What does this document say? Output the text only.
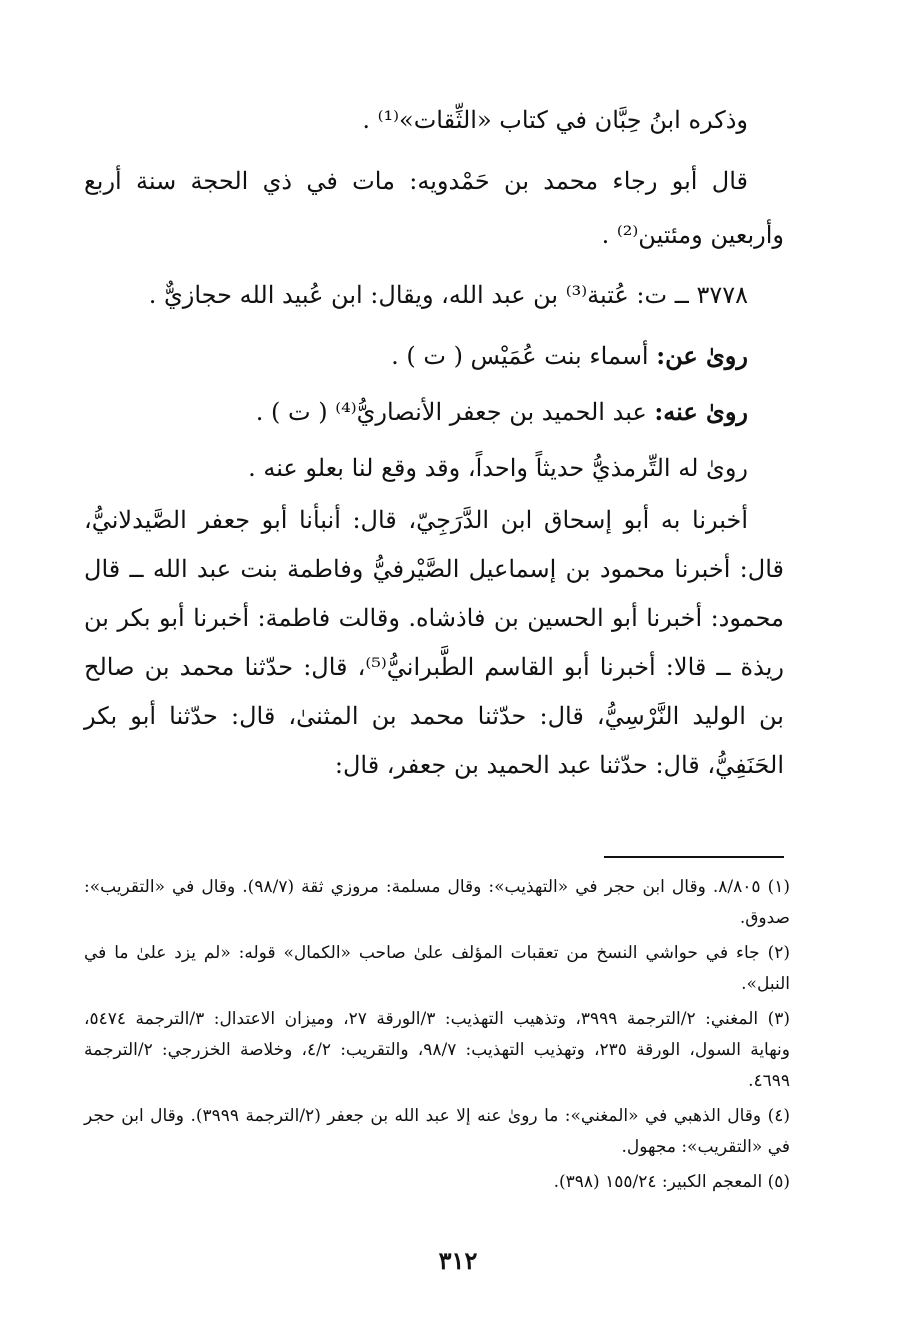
وذكره ابنُ حِبَّان في كتاب «الثِّقات»⁽¹⁾ .

قال أبو رجاء محمد بن حَمْدويه: مات في ذي الحجة سنة أربع وأربعين ومئتين⁽²⁾ .

٣٧٧٨ ــ ت: عُتبة⁽³⁾ بن عبد الله، ويقال: ابن عُبيد الله حجازيٌّ .

روىٰ عن: أسماء بنت عُمَيْس ( ت ) .

روىٰ عنه: عبد الحميد بن جعفر الأنصاريُّ⁽⁴⁾ ( ت ) .

روىٰ له التِّرمذيُّ حديثاً واحداً، وقد وقع لنا بعلو عنه .

أخبرنا به أبو إسحاق ابن الدَّرَجِيّ، قال: أنبأنا أبو جعفر الصَّيدلانيُّ، قال: أخبرنا محمود بن إسماعيل الصَّيْرفيُّ وفاطمة بنت عبد الله ــ قال محمود: أخبرنا أبو الحسين بن فاذشاه. وقالت فاطمة: أخبرنا أبو بكر بن ريذة ــ قالا: أخبرنا أبو القاسم الطَّبرانيُّ⁽⁵⁾، قال: حدّثنا محمد بن صالح بن الوليد النَّرْسِيُّ، قال: حدّثنا محمد بن المثنىٰ، قال: حدّثنا أبو بكر الحَنَفِيُّ، قال: حدّثنا عبد الحميد بن جعفر، قال:

(١) ٨/٨٠٥. وقال ابن حجر في «التهذيب»: وقال مسلمة: مروزي ثقة (٩٨/٧). وقال في «التقريب»: صدوق.

(٢) جاء في حواشي النسخ من تعقبات المؤلف علىٰ صاحب «الكمال» قوله: «لم يزد علىٰ ما في النبل».

(٣) المغني: ٢/الترجمة ٣٩٩٩، وتذهيب التهذيب: ٣/الورقة ٢٧، وميزان الاعتدال: ٣/الترجمة ٥٤٧٤، ونهاية السول، الورقة ٢٣٥، وتهذيب التهذيب: ٩٨/٧، والتقريب: ٤/٢، وخلاصة الخزرجي: ٢/الترجمة ٤٦٩٩.

(٤) وقال الذهبي في «المغني»: ما روىٰ عنه إلا عبد الله بن جعفر (٢/الترجمة ٣٩٩٩). وقال ابن حجر في «التقريب»: مجهول.

(٥) المعجم الكبير: ١٥٥/٢٤ (٣٩٨).

٣١٢
